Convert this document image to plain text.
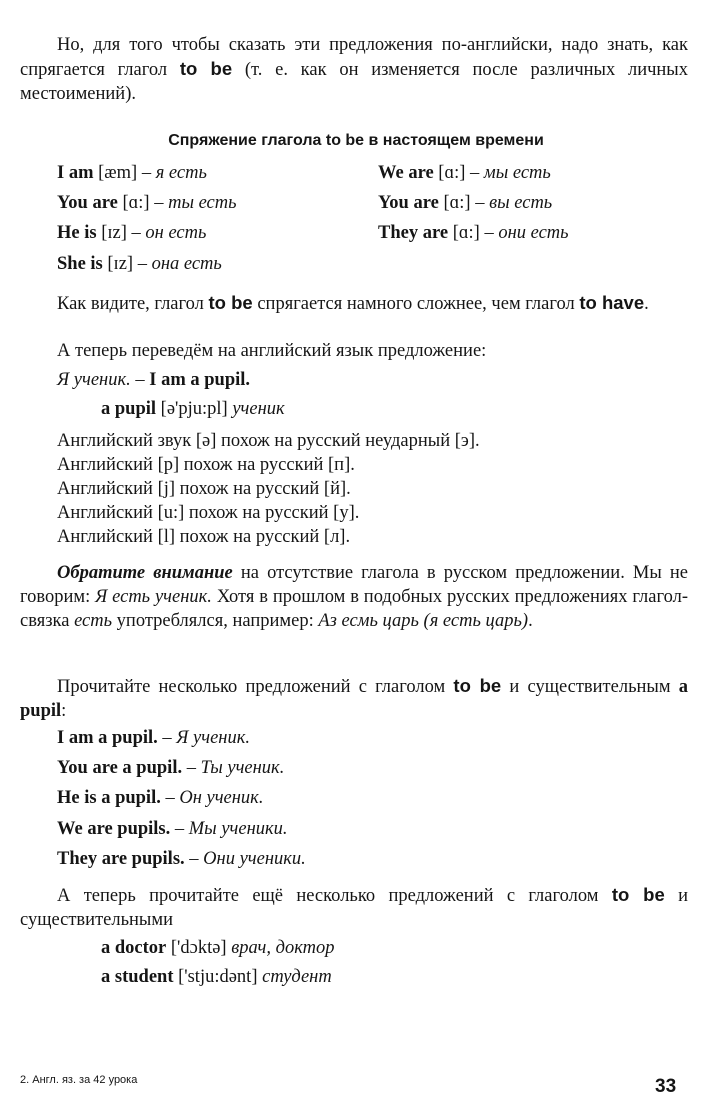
Но, для того чтобы сказать эти предложения по-английски, надо знать, как спрягается глагол to be (т. е. как он изменяется после различных личных местоимений).

Спряжение глагола to be в настоящем времени
I am [æm] – я есть
You are [ɑ:] – ты есть
He is [ɪz] – он есть
She is [ɪz] – она есть
We are [ɑ:] – мы есть
You are [ɑ:] – вы есть
They are [ɑ:] – они есть

Как видите, глагол to be спрягается намного сложнее, чем глагол to have.

А теперь переведём на английский язык предложение:
Я ученик. – I am a pupil.
a pupil [ə'pju:pl] ученик
Английский звук [ə] похож на русский неударный [э].
Английский [p] похож на русский [п].
Английский [j] похож на русский [й].
Английский [u:] похож на русский [у].
Английский [l] похож на русский [л].

Обратите внимание на отсутствие глагола в русском предложении. Мы не говорим: Я есть ученик. Хотя в прошлом в подобных русских предложениях глагол-связка есть употреблялся, например: Аз есмь царь (я есть царь).

Прочитайте несколько предложений с глаголом to be и существительным a pupil:

I am a pupil. – Я ученик.
You are a pupil. – Ты ученик.
He is a pupil. – Он ученик.
We are pupils. – Мы ученики.
They are pupils. – Они ученики.

А теперь прочитайте ещё несколько предложений с глаголом to be и существительными

a doctor ['dɔktə] врач, доктор
a student ['stju:dənt] студент
2. Англ. яз. за 42 урока	33
